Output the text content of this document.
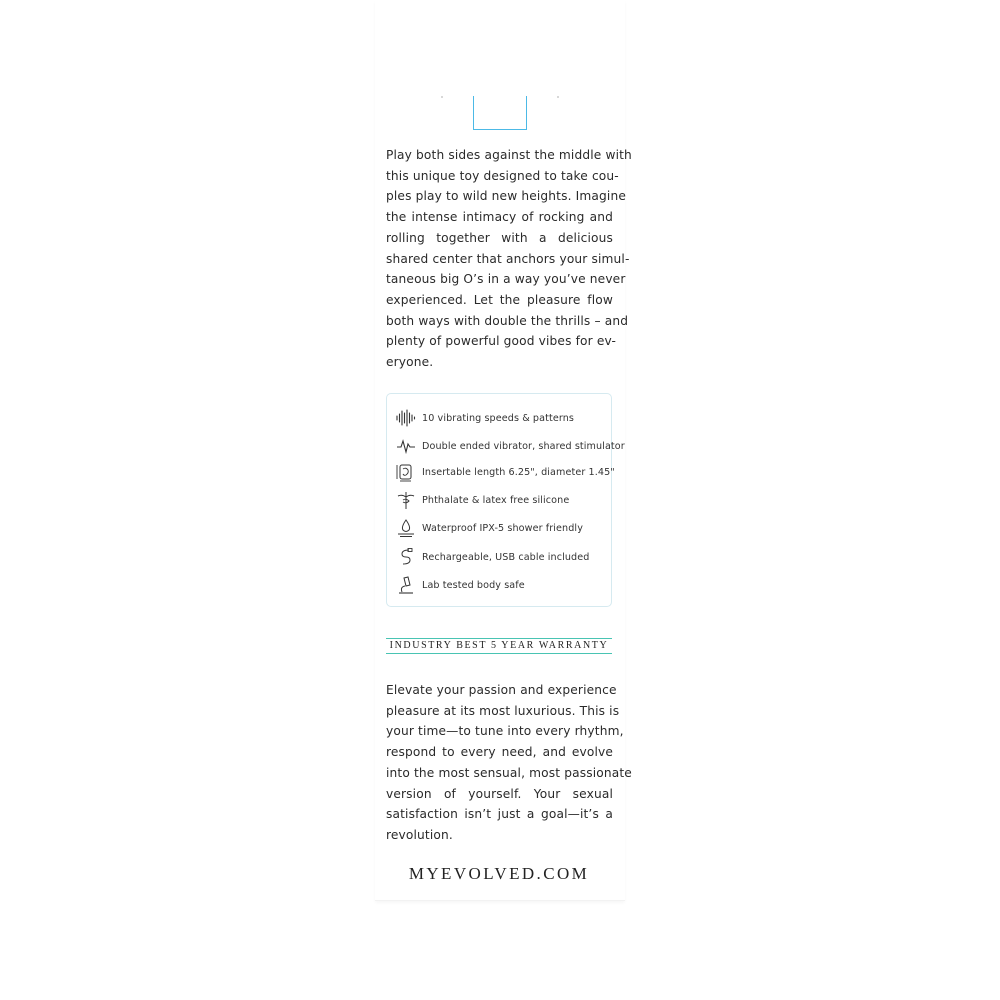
Play both sides against the middle with
this unique toy designed to take cou-
ples play to wild new heights. Imagine
the intense intimacy of rocking and
rolling together with a delicious
shared center that anchors your simul-
taneous big O’s in a way you’ve never
experienced. Let the pleasure flow
both ways with double the thrills – and
plenty of powerful good vibes for ev-
eryone.
10 vibrating speeds & patterns
Double ended vibrator, shared stimulator
Insertable length 6.25", diameter 1.45"
Phthalate & latex free silicone
Waterproof IPX-5 shower friendly
Rechargeable, USB cable included
Lab tested body safe
INDUSTRY BEST 5 YEAR WARRANTY
Elevate your passion and experience
pleasure at its most luxurious. This is
your time—to tune into every rhythm,
respond to every need, and evolve
into the most sensual, most passionate
version of yourself. Your sexual
satisfaction isn’t just a goal—it’s a
revolution.
MYEVOLVED.COM
